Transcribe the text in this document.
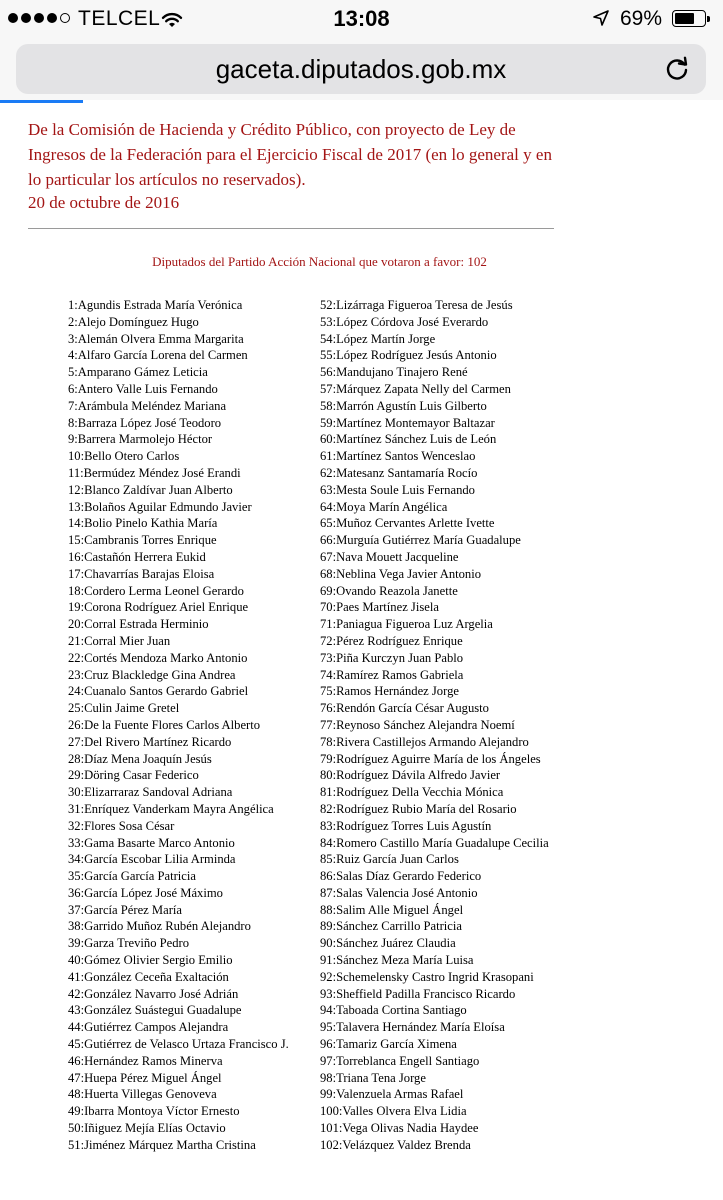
TELCEL	13:08	69%
gaceta.diputados.gob.mx
De la Comisión de Hacienda y Crédito Público, con proyecto de Ley de Ingresos de la Federación para el Ejercicio Fiscal de 2017 (en lo general y en lo particular los artículos no reservados).
20 de octubre de 2016
Diputados del Partido Acción Nacional que votaron a favor: 102
1:Agundis Estrada María Verónica
2:Alejo Domínguez Hugo
3:Alemán Olvera Emma Margarita
4:Alfaro García Lorena del Carmen
5:Amparano Gámez Leticia
6:Antero Valle Luis Fernando
7:Arámbula Meléndez Mariana
8:Barraza López José Teodoro
9:Barrera Marmolejo Héctor
10:Bello Otero Carlos
11:Bermúdez Méndez José Erandi
12:Blanco Zaldívar Juan Alberto
13:Bolaños Aguilar Edmundo Javier
14:Bolio Pinelo Kathia María
15:Cambranis Torres Enrique
16:Castañón Herrera Eukid
17:Chavarrías Barajas Eloisa
18:Cordero Lerma Leonel Gerardo
19:Corona Rodríguez Ariel Enrique
20:Corral Estrada Herminio
21:Corral Mier Juan
22:Cortés Mendoza Marko Antonio
23:Cruz Blackledge Gina Andrea
24:Cuanalo Santos Gerardo Gabriel
25:Culin Jaime Gretel
26:De la Fuente Flores Carlos Alberto
27:Del Rivero Martínez Ricardo
28:Díaz Mena Joaquín Jesús
29:Döring Casar Federico
30:Elizarraraz Sandoval Adriana
31:Enríquez Vanderkam Mayra Angélica
32:Flores Sosa César
33:Gama Basarte Marco Antonio
34:García Escobar Lilia Arminda
35:García García Patricia
36:García López José Máximo
37:García Pérez María
38:Garrido Muñoz Rubén Alejandro
39:Garza Treviño Pedro
40:Gómez Olivier Sergio Emilio
41:González Ceceña Exaltación
42:González Navarro José Adrián
43:González Suástegui Guadalupe
44:Gutiérrez Campos Alejandra
45:Gutiérrez de Velasco Urtaza Francisco J.
46:Hernández Ramos Minerva
47:Huepa Pérez Miguel Ángel
48:Huerta Villegas Genoveva
49:Ibarra Montoya Víctor Ernesto
50:Iñiguez Mejía Elías Octavio
51:Jiménez Márquez Martha Cristina
52:Lizárraga Figueroa Teresa de Jesús
53:López Córdova José Everardo
54:López Martín Jorge
55:López Rodríguez Jesús Antonio
56:Mandujano Tinajero René
57:Márquez Zapata Nelly del Carmen
58:Marrón Agustín Luis Gilberto
59:Martínez Montemayor Baltazar
60:Martínez Sánchez Luis de León
61:Martínez Santos Wenceslao
62:Matesanz Santamaría Rocío
63:Mesta Soule Luis Fernando
64:Moya Marín Angélica
65:Muñoz Cervantes Arlette Ivette
66:Murguía Gutiérrez María Guadalupe
67:Nava Mouett Jacqueline
68:Neblina Vega Javier Antonio
69:Ovando Reazola Janette
70:Paes Martínez Jisela
71:Paniagua Figueroa Luz Argelia
72:Pérez Rodríguez Enrique
73:Piña Kurczyn Juan Pablo
74:Ramírez Ramos Gabriela
75:Ramos Hernández Jorge
76:Rendón García César Augusto
77:Reynoso Sánchez Alejandra Noemí
78:Rivera Castillejos Armando Alejandro
79:Rodríguez Aguirre María de los Ángeles
80:Rodríguez Dávila Alfredo Javier
81:Rodríguez Della Vecchia Mónica
82:Rodríguez Rubio María del Rosario
83:Rodríguez Torres Luis Agustín
84:Romero Castillo María Guadalupe Cecilia
85:Ruiz García Juan Carlos
86:Salas Díaz Gerardo Federico
87:Salas Valencia José Antonio
88:Salim Alle Miguel Ángel
89:Sánchez Carrillo Patricia
90:Sánchez Juárez Claudia
91:Sánchez Meza María Luisa
92:Schemelensky Castro Ingrid Krasopani
93:Sheffield Padilla Francisco Ricardo
94:Taboada Cortina Santiago
95:Talavera Hernández María Eloísa
96:Tamariz García Ximena
97:Torreblanca Engell Santiago
98:Triana Tena Jorge
99:Valenzuela Armas Rafael
100:Valles Olvera Elva Lidia
101:Vega Olivas Nadia Haydee
102:Velázquez Valdez Brenda
